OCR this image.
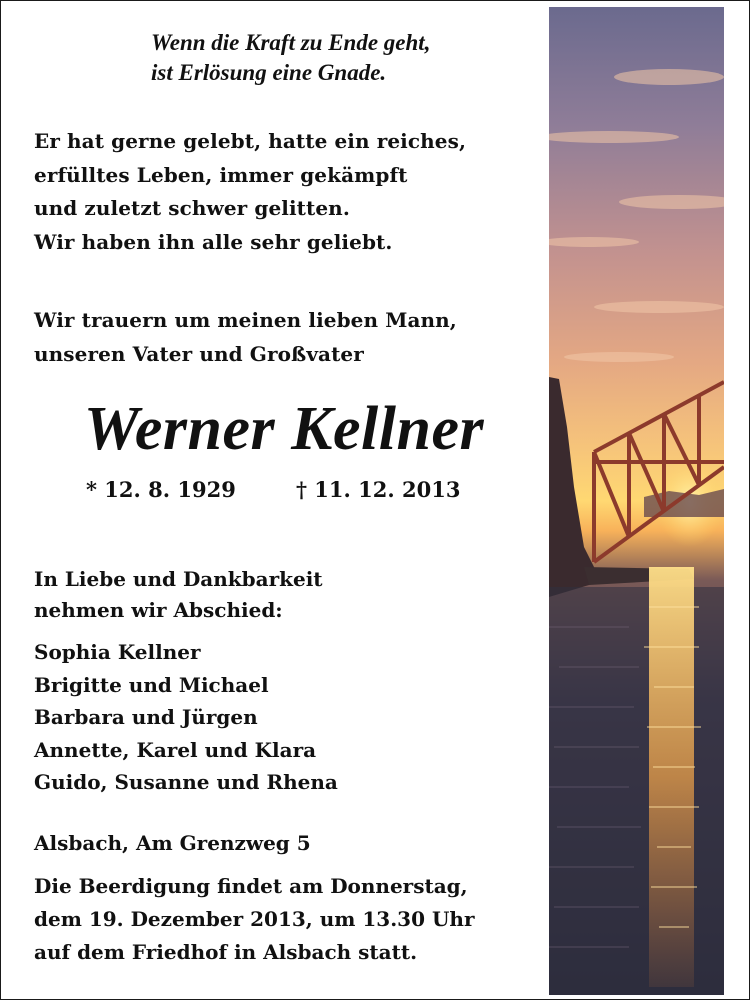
Wenn die Kraft zu Ende geht,
ist Erlösung eine Gnade.
Er hat gerne gelebt, hatte ein reiches,
erfülltes Leben, immer gekämpft
und zuletzt schwer gelitten.
Wir haben ihn alle sehr geliebt.
Wir trauern um meinen lieben Mann,
unseren Vater und Großvater
Werner Kellner
* 12. 8. 1929	† 11. 12. 2013
In Liebe und Dankbarkeit
nehmen wir Abschied:
Sophia Kellner
Brigitte und Michael
Barbara und Jürgen
Annette, Karel und Klara
Guido, Susanne und Rhena
Alsbach, Am Grenzweg 5
Die Beerdigung findet am Donnerstag,
dem 19. Dezember 2013, um 13.30 Uhr
auf dem Friedhof in Alsbach statt.
